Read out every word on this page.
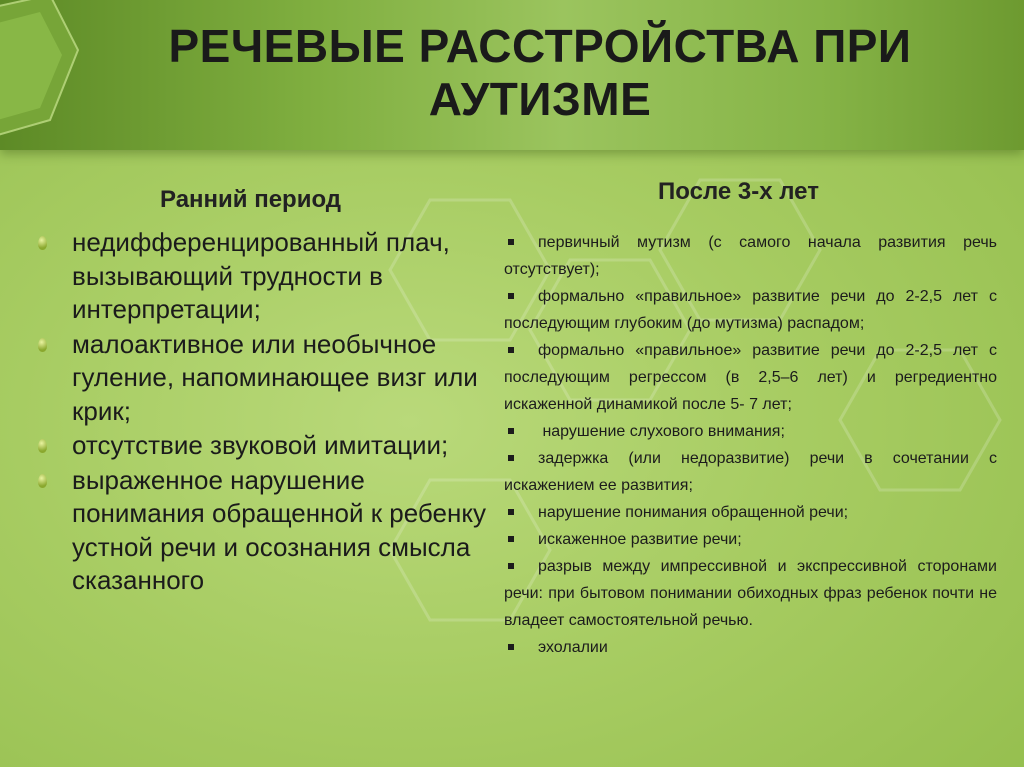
РЕЧЕВЫЕ РАССТРОЙСТВА ПРИ АУТИЗМЕ
Ранний период	После 3-х лет
недифференцированный плач, вызывающий трудности в интерпретации;
малоактивное или необычное гуление, напоминающее визг или крик;
отсутствие звуковой имитации;
выраженное нарушение понимания обращенной к ребенку устной речи и осознания смысла сказанного
первичный мутизм (с самого начала развития речь отсутствует);
формально «правильное» развитие речи до 2-2,5 лет с последующим глубоким (до мутизма) распадом;
формально «правильное» развитие речи до 2-2,5 лет с последующим регрессом (в 2,5–6 лет) и регредиентно искаженной динамикой после 5- 7 лет;
нарушение слухового внимания;
задержка (или недоразвитие) речи в сочетании с искажением ее развития;
нарушение понимания обращенной речи;
искаженное развитие речи;
разрыв между импрессивной и экспрессивной сторонами речи: при бытовом понимании обиходных фраз ребенок почти не владеет самостоятельной речью.
эхолалии
